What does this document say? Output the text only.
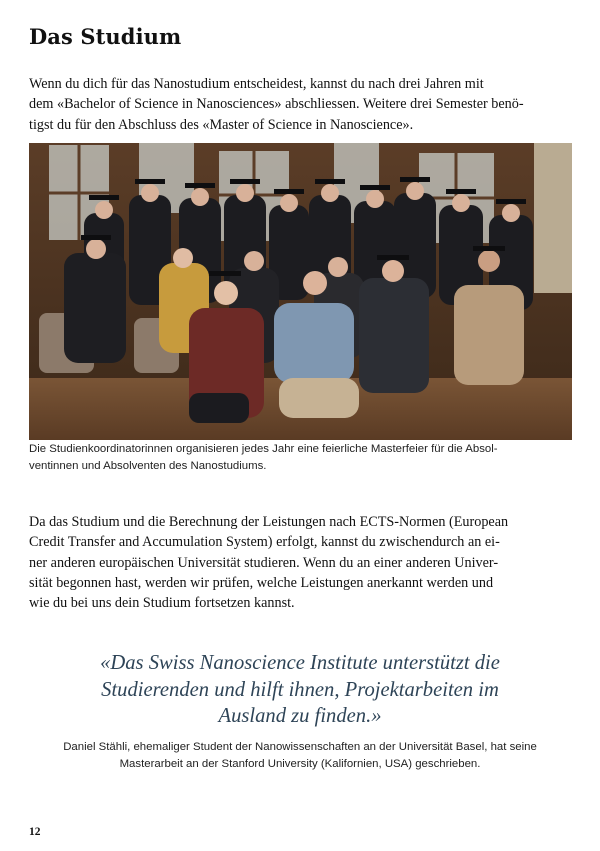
Das Studium

Wenn du dich für das Nanostudium entscheidest, kannst du nach drei Jahren mit
dem «Bachelor of Science in Nanosciences» abschliessen. Weitere drei Semester benö-
tigst du für den Abschluss des «Master of Science in Nanoscience».

Die Studienkoordinatorinnen organisieren jedes Jahr eine feierliche Masterfeier für die Absol-
ventinnen und Absolventen des Nanostudiums.

Da das Studium und die Berechnung der Leistungen nach ECTS-Normen (European
Credit Transfer and Accumulation System) erfolgt, kannst du zwischendurch an ei-
ner anderen europäischen Universität studieren. Wenn du an einer anderen Univer-
sität begonnen hast, werden wir prüfen, welche Leistungen anerkannt werden und
wie du bei uns dein Studium fortsetzen kannst.

«Das Swiss Nanoscience Institute unterstützt die
Studierenden und hilft ihnen, Projektarbeiten im
Ausland zu finden.»

Daniel Stähli, ehemaliger Student der Nanowissenschaften an der Universität Basel, hat seine
Masterarbeit an der Stanford University (Kalifornien, USA) geschrieben.

12
